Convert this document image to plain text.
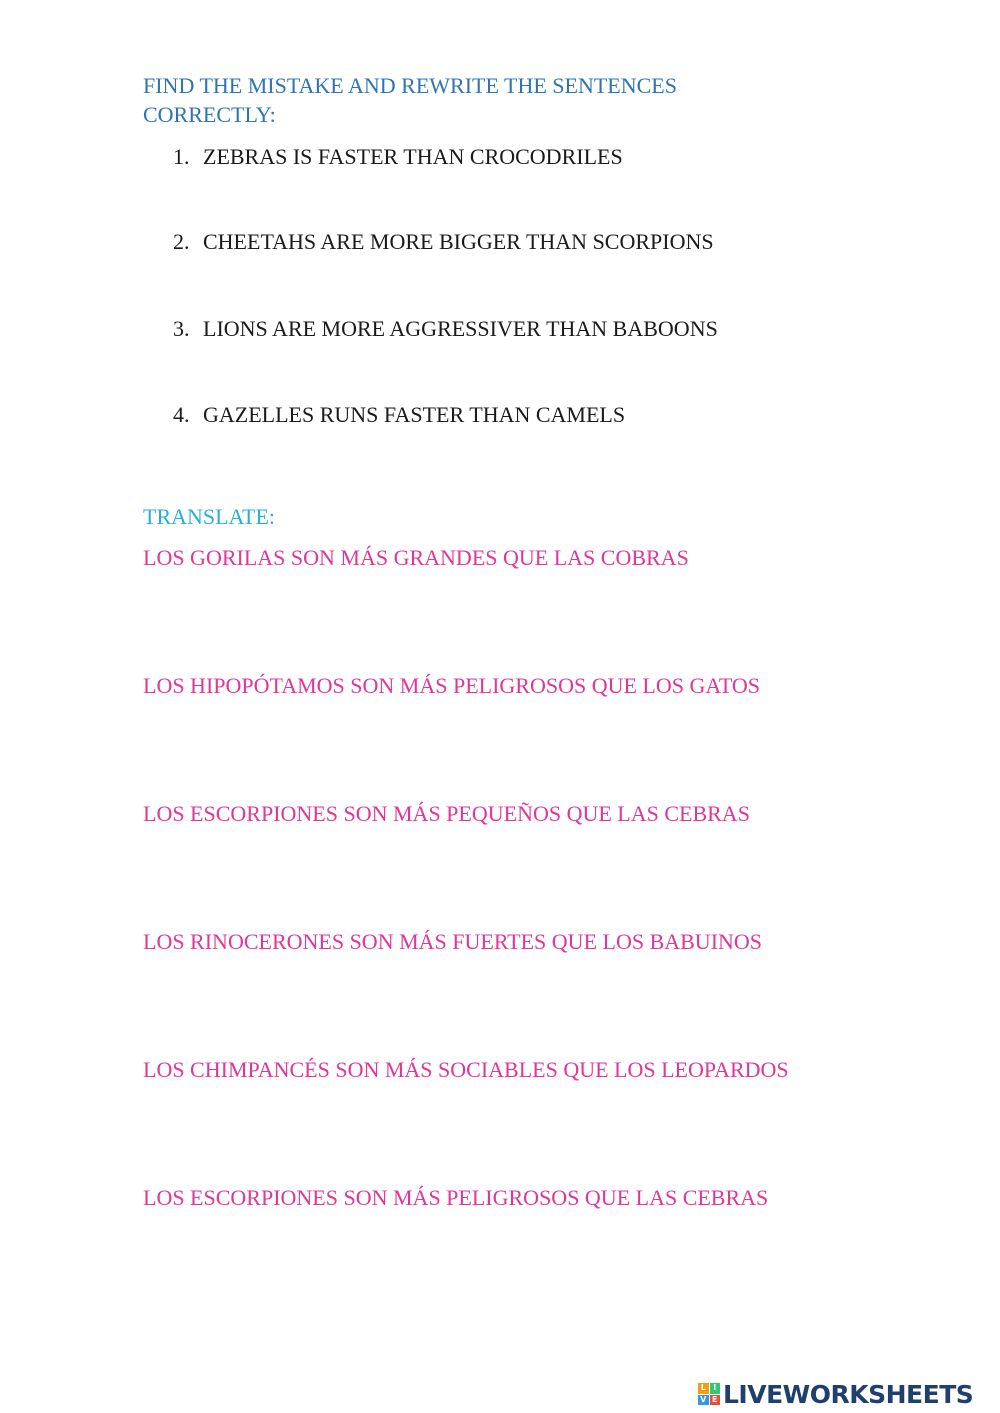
FIND THE MISTAKE AND REWRITE THE SENTENCES CORRECTLY:
1. ZEBRAS IS FASTER THAN CROCODRILES
2. CHEETAHS ARE MORE BIGGER THAN SCORPIONS
3. LIONS ARE MORE AGGRESSIVER THAN BABOONS
4. GAZELLES RUNS FASTER THAN CAMELS
TRANSLATE:
LOS GORILAS SON MÁS GRANDES QUE LAS COBRAS
LOS HIPOPÓTAMOS SON MÁS PELIGROSOS QUE LOS GATOS
LOS ESCORPIONES SON MÁS PEQUEÑOS QUE LAS CEBRAS
LOS RINOCERONES SON MÁS FUERTES QUE LOS BABUINOS
LOS CHIMPANCÉS SON MÁS SOCIABLES QUE LOS LEOPARDOS
LOS ESCORPIONES SON MÁS PELIGROSOS QUE LAS CEBRAS
L I
V E LIVEWORKSHEETS
